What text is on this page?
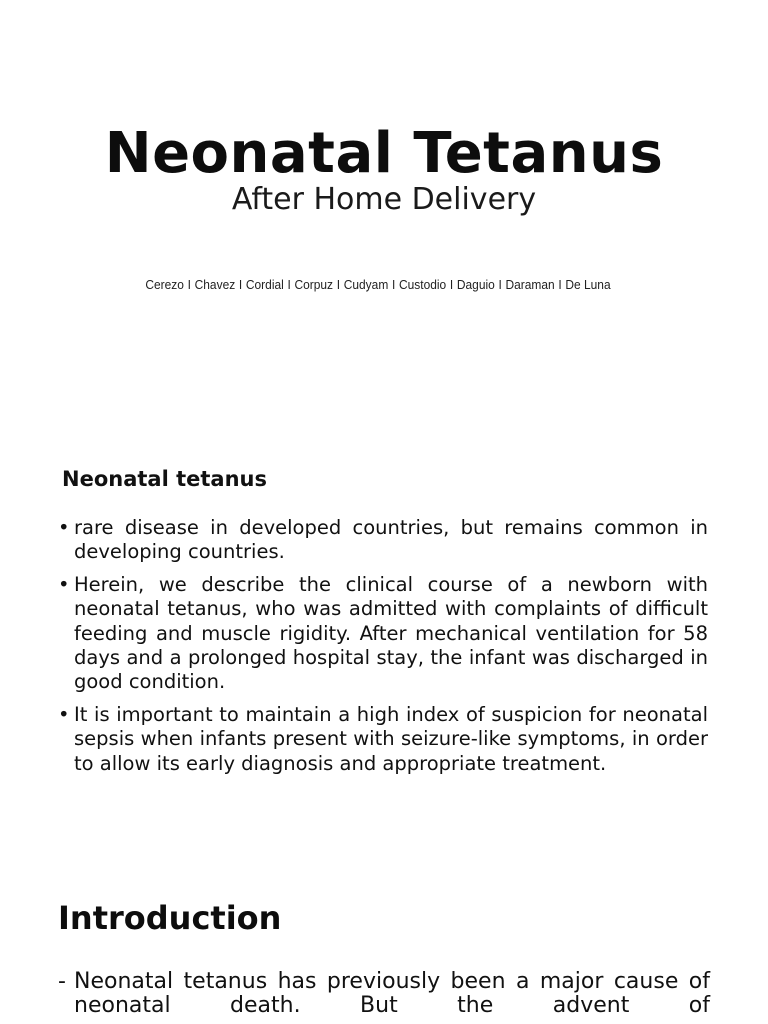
Neonatal Tetanus
After Home Delivery
Cerezo I Chavez I Cordial I Corpuz I Cudyam I Custodio I Daguio I Daraman I De Luna
Neonatal tetanus
• rare disease in developed countries, but remains common in developing countries.
• Herein, we describe the clinical course of a newborn with neonatal tetanus, who was admitted with complaints of difficult feeding and muscle rigidity. After mechanical ventilation for 58 days and a prolonged hospital stay, the infant was discharged in good condition.
• It is important to maintain a high index of suspicion for neonatal sepsis when infants present with seizure-like symptoms, in order to allow its early diagnosis and appropriate treatment.
Introduction
- Neonatal tetanus has previously been a major cause of neonatal death. But the advent of
